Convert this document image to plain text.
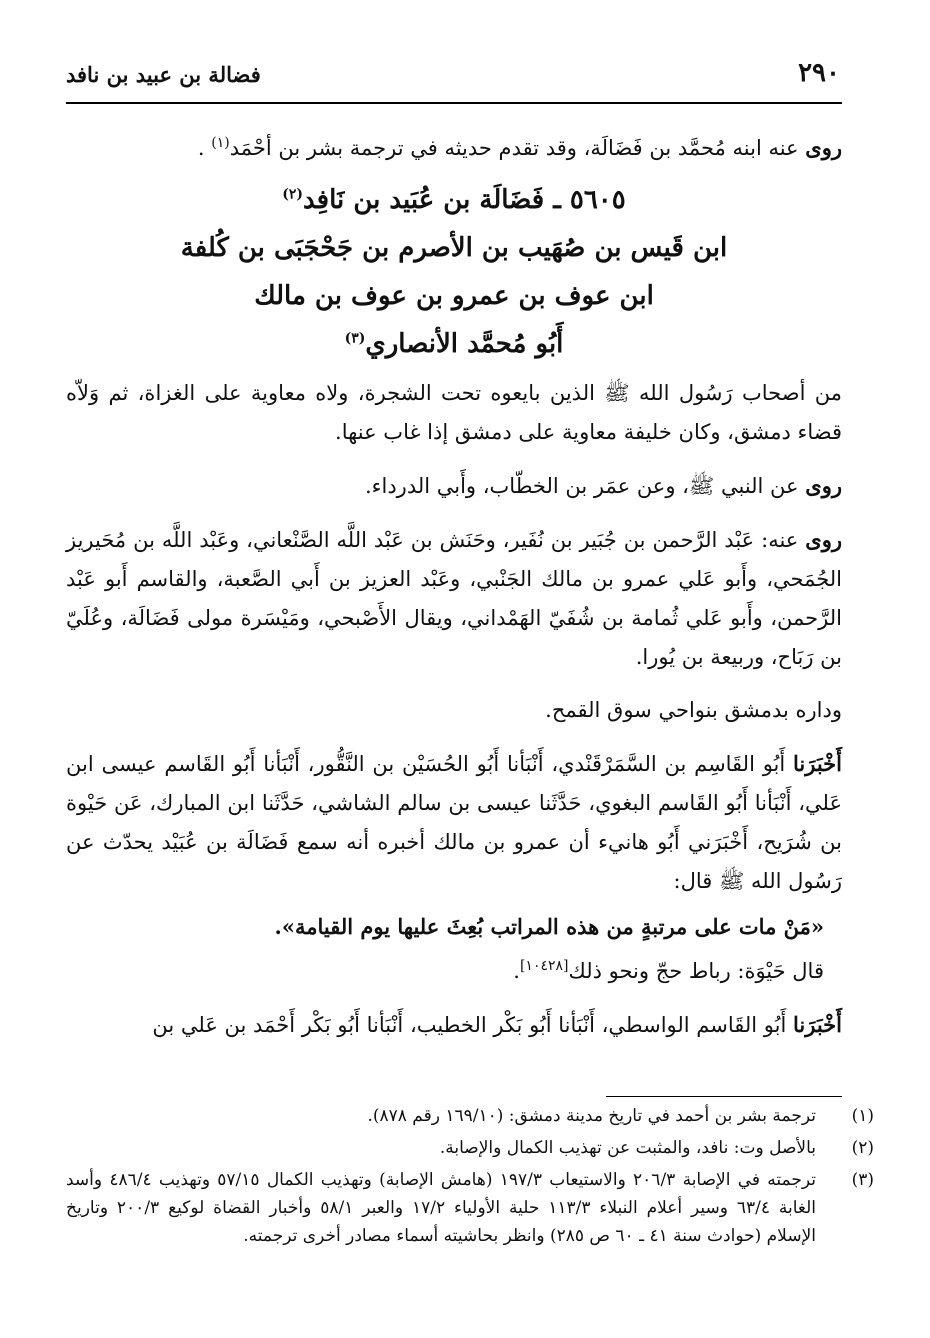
٢٩٠
فضالة بن عبيد بن نافد

روى عنه ابنه مُحمَّد بن فَضَالَة، وقد تقدم حديثه في ترجمة بشر بن أحْمَد$^{(١)}$ .

٥٦٠٥ ـ فَضَالَة بن عُبَيد بن نَافِد$^{(٢)}$
ابن قَيس بن صُهَيب بن الأصرم بن جَحْجَبَى بن كُلفة
ابن عوف بن عمرو بن عوف بن مالك
أَبُو مُحمَّد الأنصاري$^{(٣)}$

من أصحاب رَسُول الله ﷺ الذين بايعوه تحت الشجرة، ولاه معاوية على الغزاة، ثم وَلاّه قضاء دمشق، وكان خليفة معاوية على دمشق إذا غاب عنها.

روى عن النبي ﷺ، وعن عمَر بن الخطّاب، وأَبي الدرداء.

روى عنه: عَبْد الرَّحمن بن جُبَير بن نُفَير، وحَنَش بن عَبْد اللَّه الصَّنْعاني، وعَبْد اللَّه بن مُحَيريز الجُمَحي، وأَبو عَلي عمرو بن مالك الجَنْبي، وعَبْد العزيز بن أَبي الصَّعبة، والقاسم أَبو عَبْد الرَّحمن، وأَبو عَلي ثُمامة بن شُفَيّ الهَمْداني، ويقال الأَصْبحي، ومَيْسَرة مولى فَضَالَة، وعُلَيّ بن رَبَاح، وربيعة بن يُورا.

وداره بدمشق بنواحي سوق القمح.

أَخْبَرَنا أَبُو القَاسِم بن السَّمَرْقَنْدي، أَنْبَأنا أَبُو الحُسَيْن بن النَّقُّور، أَنْبَأنا أَبُو القَاسم عيسى ابن عَلي، أَنْبَأنا أَبُو القَاسم البغوي، حَدَّثَنا عيسى بن سالم الشاشي، حَدَّثَنا ابن المبارك، عَن حَيْوة بن شُرَيح، أَخْبَرَني أَبُو هانيء أن عمرو بن مالك أخبره أنه سمع فَضَالَة بن عُبَيْد يحدّث عن رَسُول الله ﷺ قال:

«مَنْ مات على مرتبةٍ من هذه المراتب بُعِثَ عليها يوم القيامة».

قال حَيْوَة: رباط حجّ ونحو ذلك[١٠٤٢٨].

أَخْبَرَنا أَبُو القَاسم الواسطي، أَنْبَأنا أَبُو بَكْر الخطيب، أَنْبَأنا أَبُو بَكْر أَحْمَد بن عَلي بن

(١)
ترجمة بشر بن أحمد في تاريخ مدينة دمشق: (١٦٩/١٠ رقم ٨٧٨).
(٢)
بالأصل وت: نافد، والمثبت عن تهذيب الكمال والإصابة.
(٣)
ترجمته في الإصابة ٢٠٦/٣ والاستيعاب ١٩٧/٣ (هامش الإصابة) وتهذيب الكمال ٥٧/١٥ وتهذيب ٤٨٦/٤ وأسد الغابة ٦٣/٤ وسير أعلام النبلاء ١١٣/٣ حلية الأولياء ١٧/٢ والعبر ٥٨/١ وأخبار القضاة لوكيع ٢٠٠/٣ وتاريخ الإسلام (حوادث سنة ٤١ ـ ٦٠ ص ٢٨٥) وانظر بحاشيته أسماء مصادر أخرى ترجمته.
